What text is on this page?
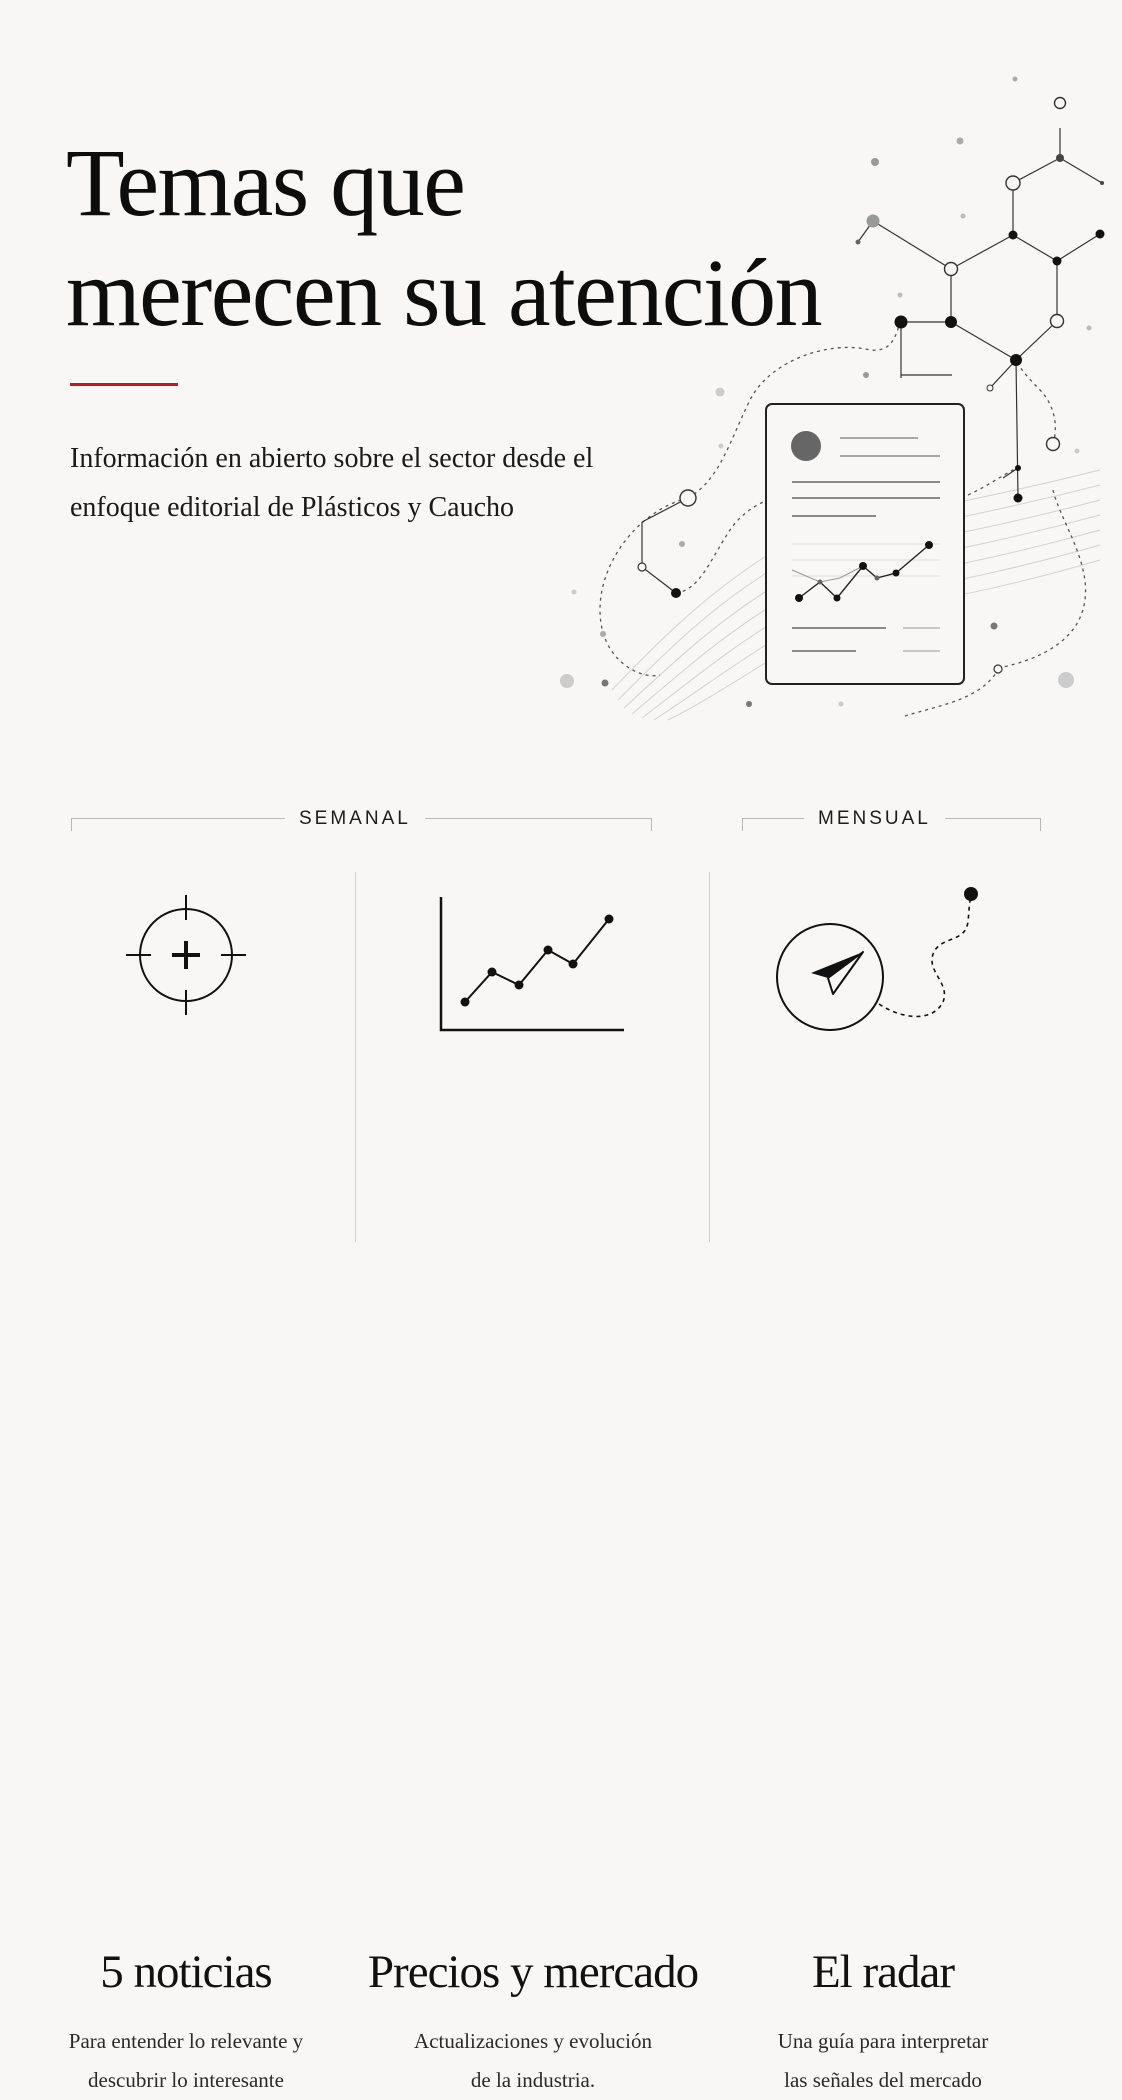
Temas que
merecen su atención

Información en abierto sobre el sector desde el
enfoque editorial de Plásticos y Caucho

SEMANAL	MENSUAL
5 noticias

Para entender lo relevante y
descubrir lo interesante

Precios y mercado

Actualizaciones y evolución
de la industria.

El radar

Una guía para interpretar
las señales del mercado
